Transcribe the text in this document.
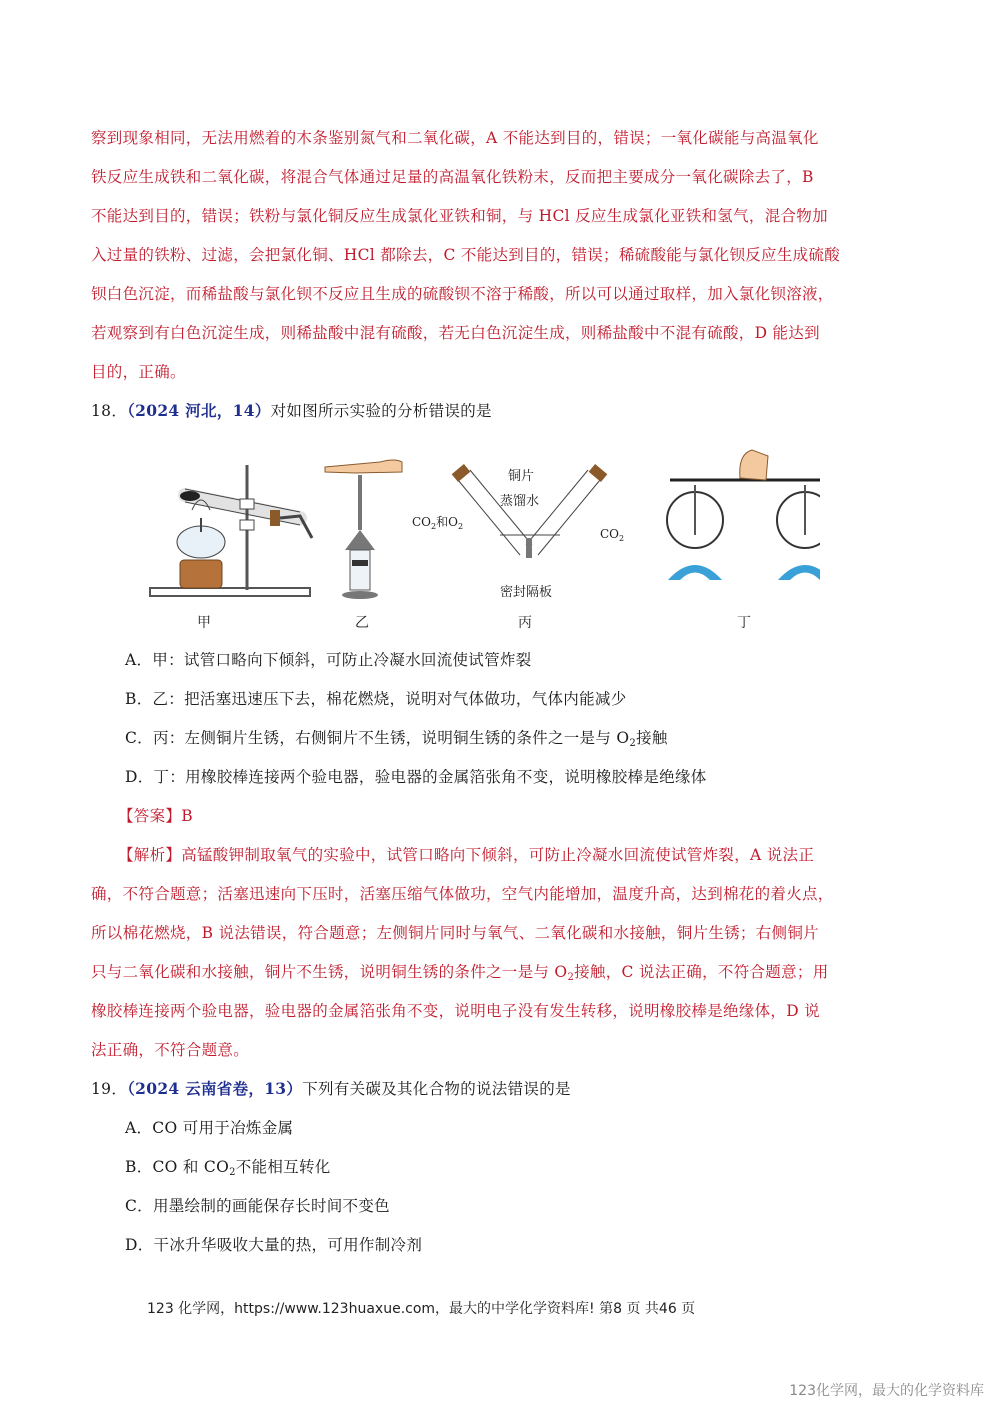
察到现象相同，无法用燃着的木条鉴别氮气和二氧化碳，A 不能达到目的，错误；一氧化碳能与高温氧化
铁反应生成铁和二氧化碳，将混合气体通过足量的高温氧化铁粉末，反而把主要成分一氧化碳除去了，B
不能达到目的，错误；铁粉与氯化铜反应生成氯化亚铁和铜，与 HCl 反应生成氯化亚铁和氢气，混合物加
入过量的铁粉、过滤，会把氯化铜、HCl 都除去，C 不能达到目的，错误；稀硫酸能与氯化钡反应生成硫酸
钡白色沉淀，而稀盐酸与氯化钡不反应且生成的硫酸钡不溶于稀酸，所以可以通过取样，加入氯化钡溶液，
若观察到有白色沉淀生成，则稀盐酸中混有硫酸，若无白色沉淀生成，则稀盐酸中不混有硫酸，D 能达到
目的，正确。
18．（2024 河北，14）对如图所示实验的分析错误的是
铜片
蒸馏水
$CO_2$和$O_2$
$CO_2$
密封隔板
甲	乙	丙	丁
A．甲：试管口略向下倾斜，可防止冷凝水回流使试管炸裂
B．乙：把活塞迅速压下去，棉花燃烧，说明对气体做功，气体内能减少
C．丙：左侧铜片生锈，右侧铜片不生锈，说明铜生锈的条件之一是与 $O_2$接触
D．丁：用橡胶棒连接两个验电器，验电器的金属箔张角不变，说明橡胶棒是绝缘体
【答案】B
【解析】高锰酸钾制取氧气的实验中，试管口略向下倾斜，可防止冷凝水回流使试管炸裂，A 说法正
确，不符合题意；活塞迅速向下压时，活塞压缩气体做功，空气内能增加，温度升高，达到棉花的着火点，
所以棉花燃烧，B 说法错误，符合题意；左侧铜片同时与氧气、二氧化碳和水接触，铜片生锈；右侧铜片
只与二氧化碳和水接触，铜片不生锈，说明铜生锈的条件之一是与 $O_2$接触，C 说法正确，不符合题意；用
橡胶棒连接两个验电器，验电器的金属箔张角不变，说明电子没有发生转移，说明橡胶棒是绝缘体，D 说
法正确，不符合题意。
19．（2024 云南省卷，13）下列有关碳及其化合物的说法错误的是
A．CO 可用于冶炼金属
B．CO 和 $CO_2$不能相互转化
C．用墨绘制的画能保存长时间不变色
D．干冰升华吸收大量的热，可用作制冷剂
123 化学网，https://www.123huaxue.com，最大的中学化学资料库! 第8 页 共46 页
123化学网，最大的化学资料库
